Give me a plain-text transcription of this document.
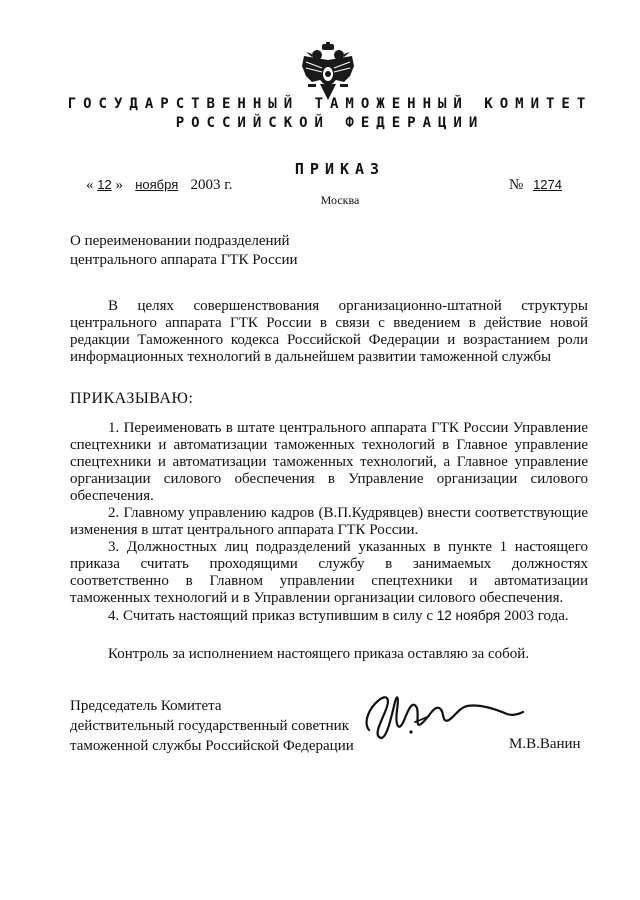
ГОСУДАРСТВЕННЫЙ ТАМОЖЕННЫЙ КОМИТЕТ
РОССИЙСКОЙ ФЕДЕРАЦИИ
ПРИКАЗ
« 12 » ноября 2003 г.	№ 1274
Москва
О переименовании подразделений
центрального аппарата ГТК России
В целях совершенствования организационно-штатной структуры центрального аппарата ГТК России в связи с введением в действие новой редакции Таможенного кодекса Российской Федерации и возрастанием роли информационных технологий в дальнейшем развитии таможенной службы
ПРИКАЗЫВАЮ:

1. Переименовать в штате центрального аппарата ГТК России Управление спецтехники и автоматизации таможенных технологий в Главное управление спецтехники и автоматизации таможенных технологий, а Главное управление организации силового обеспечения в Управление организации силового обеспечения.

2. Главному управлению кадров (В.П.Кудрявцев) внести соответствующие изменения в штат центрального аппарата ГТК России.

3. Должностных лиц подразделений указанных в пункте 1 настоящего приказа считать проходящими службу в занимаемых должностях соответственно в Главном управлении спецтехники и автоматизации таможенных технологий и в Управлении организации силового обеспечения.

4. Считать настоящий приказ вступившим в силу с 12 ноября 2003 года.

Контроль за исполнением настоящего приказа оставляю за собой.
Председатель Комитета
действительный государственный советник
таможенной службы Российской Федерации	М.В.Ванин
